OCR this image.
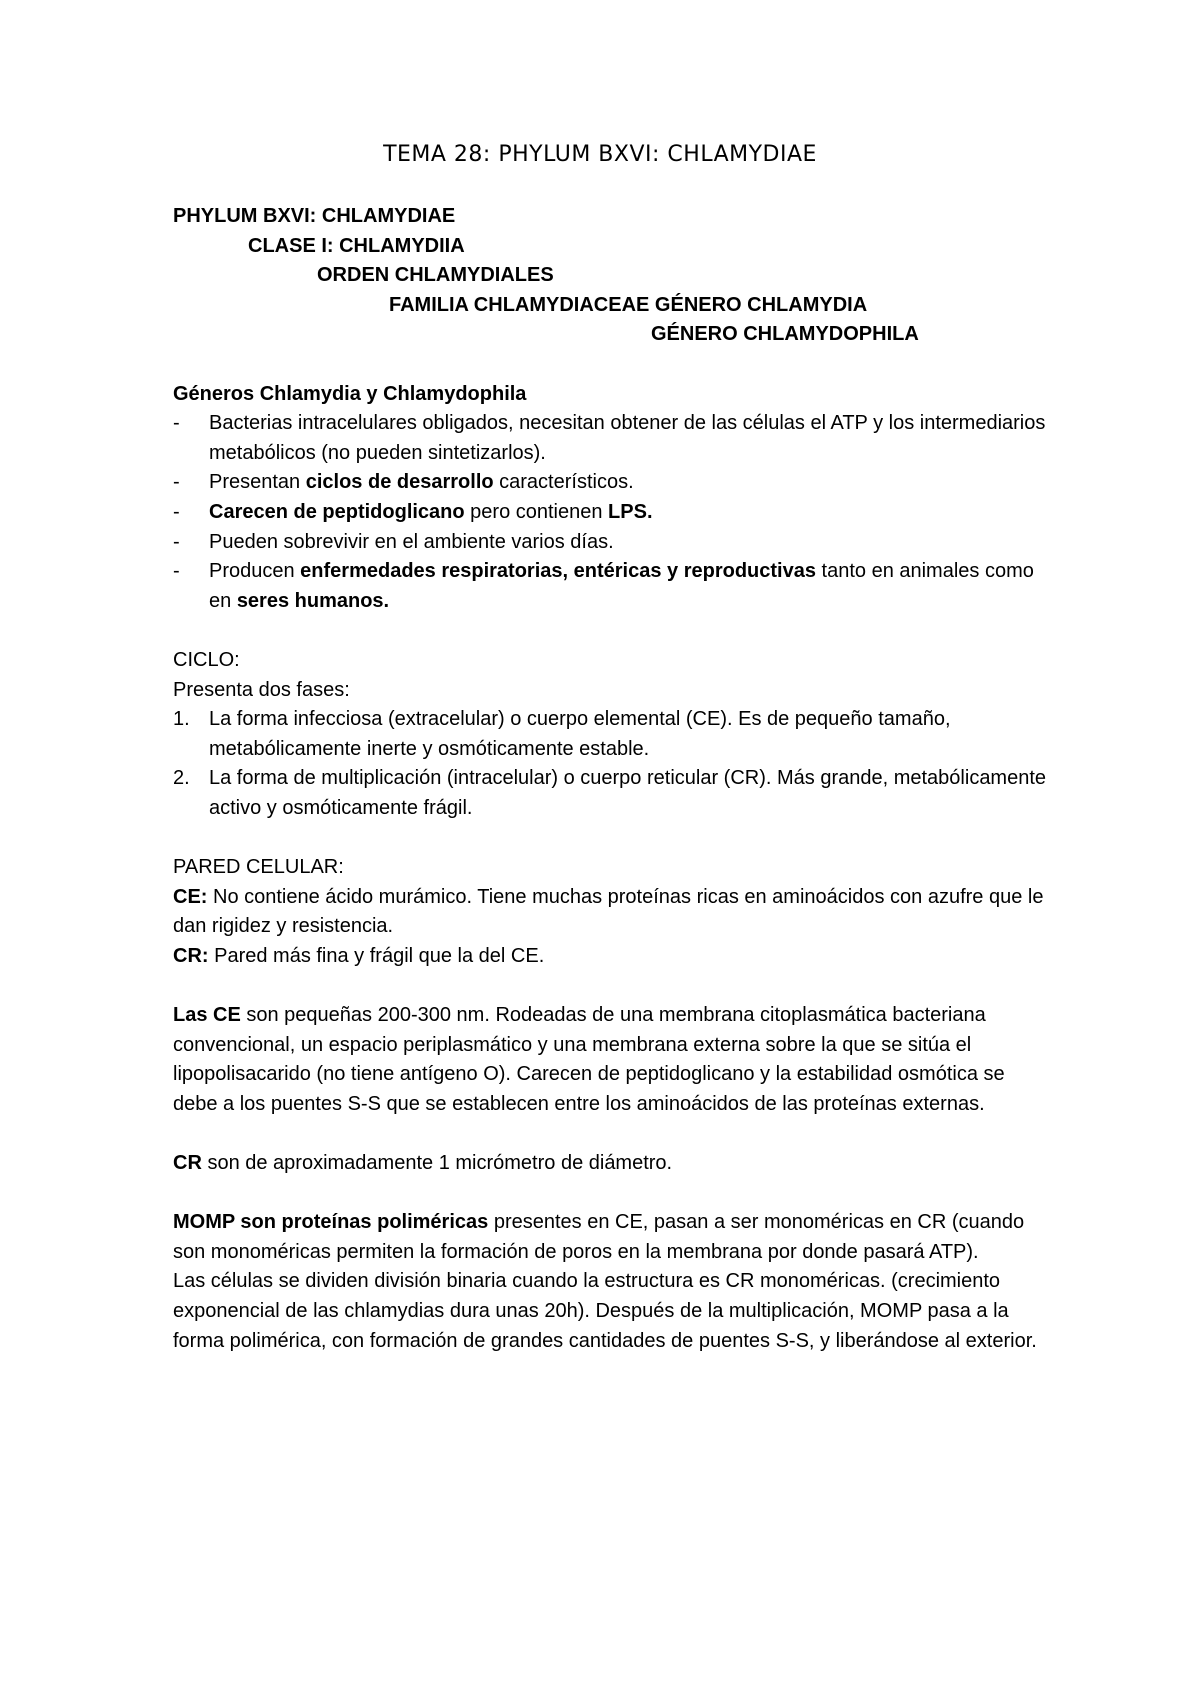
TEMA 28: PHYLUM BXVI: CHLAMYDIAE
PHYLUM BXVI: CHLAMYDIAE
CLASE I: CHLAMYDIIA
ORDEN CHLAMYDIALES
FAMILIA CHLAMYDIACEAE GÉNERO CHLAMYDIA
GÉNERO CHLAMYDOPHILA
Géneros Chlamydia y Chlamydophila
- Bacterias intracelulares obligados, necesitan obtener de las células el ATP y los intermediarios metabólicos (no pueden sintetizarlos).
- Presentan ciclos de desarrollo característicos.
- Carecen de peptidoglicano pero contienen LPS.
- Pueden sobrevivir en el ambiente varios días.
- Producen enfermedades respiratorias, entéricas y reproductivas tanto en animales como en seres humanos.
CICLO:
Presenta dos fases:
1. La forma infecciosa (extracelular) o cuerpo elemental (CE). Es de pequeño tamaño, metabólicamente inerte y osmóticamente estable.
2. La forma de multiplicación (intracelular) o cuerpo reticular (CR). Más grande, metabólicamente activo y osmóticamente frágil.
PARED CELULAR:

CE: No contiene ácido murámico. Tiene muchas proteínas ricas en aminoácidos con azufre que le dan rigidez y resistencia.

CR: Pared más fina y frágil que la del CE.

Las CE son pequeñas 200-300 nm. Rodeadas de una membrana citoplasmática bacteriana convencional, un espacio periplasmático y una membrana externa sobre la que se sitúa el lipopolisacarido (no tiene antígeno O). Carecen de peptidoglicano y la estabilidad osmótica se debe a los puentes S-S que se establecen entre los aminoácidos de las proteínas externas.

CR son de aproximadamente 1 micrómetro de diámetro.

MOMP son proteínas poliméricas presentes en CE, pasan a ser monoméricas en CR (cuando son monoméricas permiten la formación de poros en la membrana por donde pasará ATP).

Las células se dividen división binaria cuando la estructura es CR monoméricas. (crecimiento exponencial de las chlamydias dura unas 20h). Después de la multiplicación, MOMP pasa a la forma polimérica, con formación de grandes cantidades de puentes S-S, y liberándose al exterior.
